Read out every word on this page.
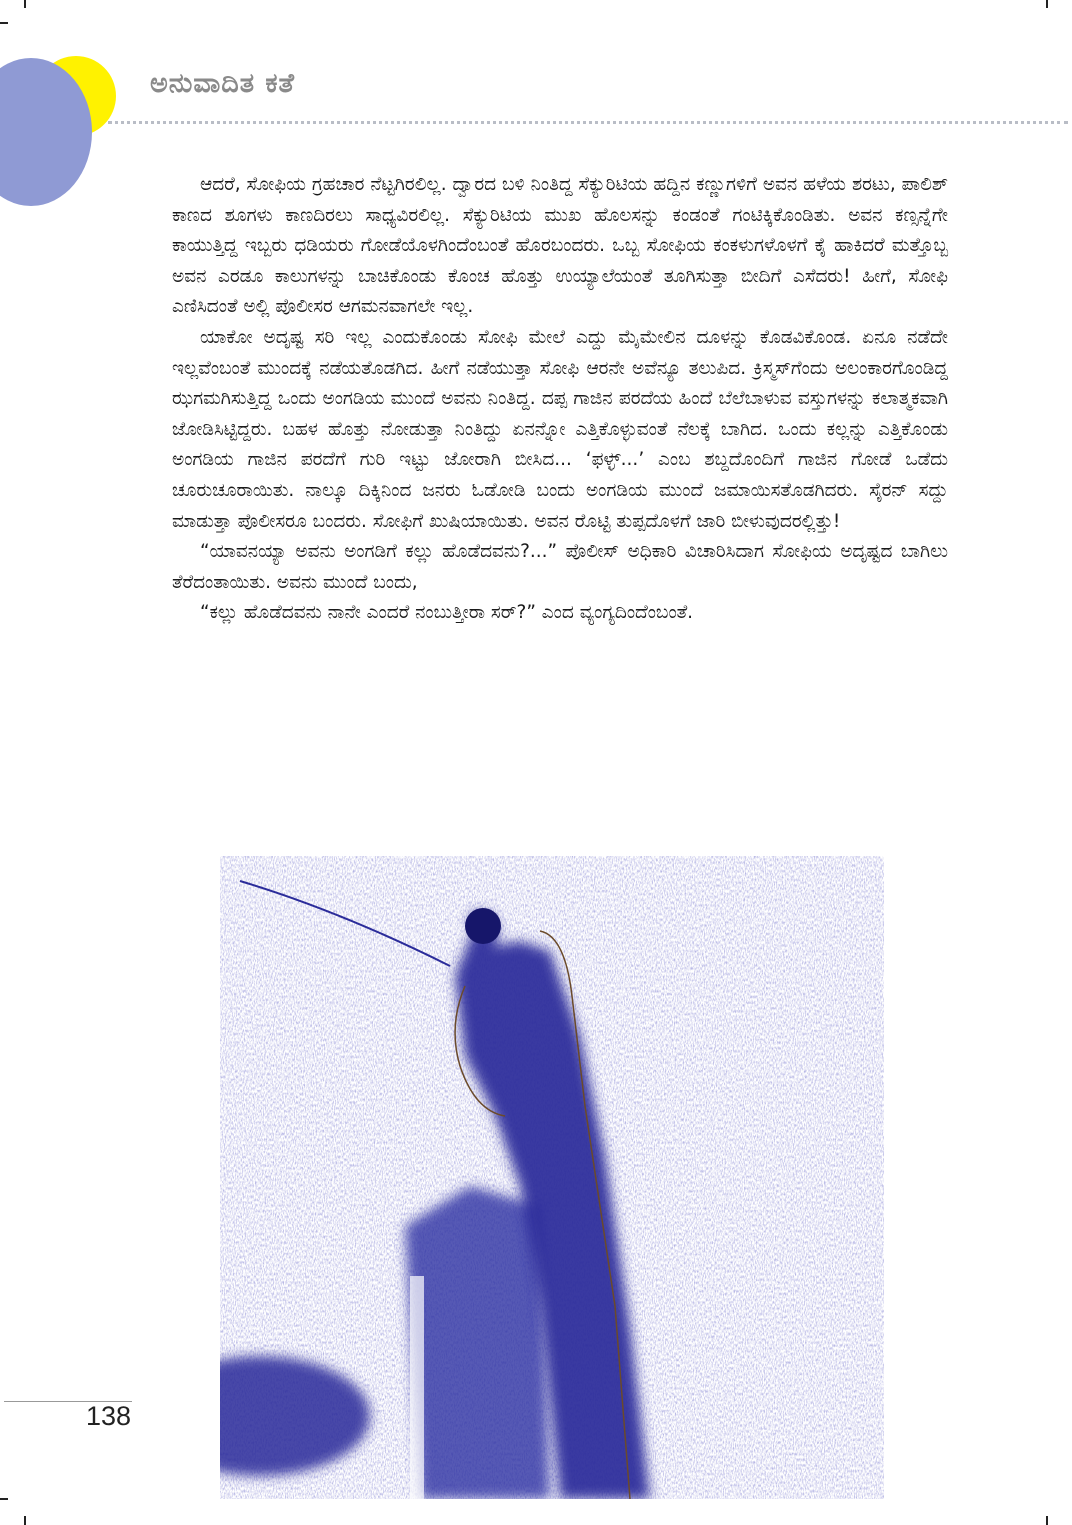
ಅನುವಾದಿತ ಕತೆ

ಆದರೆ, ಸೋಫಿಯ ಗ್ರಹಚಾರ ನೆಟ್ಟಗಿರಲಿಲ್ಲ. ದ್ವಾರದ ಬಳಿ ನಿಂತಿದ್ದ ಸೆಕ್ಯುರಿಟಿಯ ಹದ್ದಿನ ಕಣ್ಣುಗಳಿಗೆ ಅವನ ಹಳೆಯ ಶರಟು, ಪಾಲಿಶ್ ಕಾಣದ ಶೂಗಳು ಕಾಣದಿರಲು ಸಾಧ್ಯವಿರಲಿಲ್ಲ. ಸೆಕ್ಯುರಿಟಿಯ ಮುಖ ಹೊಲಸನ್ನು ಕಂಡಂತೆ ಗಂಟಿಕ್ಕಿಕೊಂಡಿತು. ಅವನ ಕಣ್ಸನ್ನೆಗೇ ಕಾಯುತ್ತಿದ್ದ ಇಬ್ಬರು ಧಡಿಯರು ಗೋಡೆಯೊಳಗಿಂದೆಂಬಂತೆ ಹೊರಬಂದರು. ಒಬ್ಬ ಸೋಫಿಯ ಕಂಕಳುಗಳೊಳಗೆ ಕೈ ಹಾಕಿದರೆ ಮತ್ತೊಬ್ಬ ಅವನ ಎರಡೂ ಕಾಲುಗಳನ್ನು ಬಾಚಿಕೊಂಡು ಕೊಂಚ ಹೊತ್ತು ಉಯ್ಯಾಲೆಯಂತೆ ತೂಗಿಸುತ್ತಾ ಬೀದಿಗೆ ಎಸೆದರು! ಹೀಗೆ, ಸೋಫಿ ಎಣಿಸಿದಂತೆ ಅಲ್ಲಿ ಪೊಲೀಸರ ಆಗಮನವಾಗಲೇ ಇಲ್ಲ.

ಯಾಕೋ ಅದೃಷ್ಟ ಸರಿ ಇಲ್ಲ ಎಂದುಕೊಂಡು ಸೋಫಿ ಮೇಲೆ ಎದ್ದು ಮೈಮೇಲಿನ ದೂಳನ್ನು ಕೊಡವಿಕೊಂಡ. ಏನೂ ನಡೆದೇ ಇಲ್ಲವೆಂಬಂತೆ ಮುಂದಕ್ಕೆ ನಡೆಯತೊಡಗಿದ. ಹೀಗೆ ನಡೆಯುತ್ತಾ ಸೋಫಿ ಆರನೇ ಅವೆನ್ಯೂ ತಲುಪಿದ. ಕ್ರಿಸ್ಮಸ್‌ಗೆಂದು ಅಲಂಕಾರಗೊಂಡಿದ್ದ ಝಗಮಗಿಸುತ್ತಿದ್ದ ಒಂದು ಅಂಗಡಿಯ ಮುಂದೆ ಅವನು ನಿಂತಿದ್ದ. ದಪ್ಪ ಗಾಜಿನ ಪರದೆಯ ಹಿಂದೆ ಬೆಲೆಬಾಳುವ ವಸ್ತುಗಳನ್ನು ಕಲಾತ್ಮಕವಾಗಿ ಜೋಡಿಸಿಟ್ಟಿದ್ದರು. ಬಹಳ ಹೊತ್ತು ನೋಡುತ್ತಾ ನಿಂತಿದ್ದು ಏನನ್ನೋ ಎತ್ತಿಕೊಳ್ಳುವಂತೆ ನೆಲಕ್ಕೆ ಬಾಗಿದ. ಒಂದು ಕಲ್ಲನ್ನು ಎತ್ತಿಕೊಂಡು ಅಂಗಡಿಯ ಗಾಜಿನ ಪರದೆಗೆ ಗುರಿ ಇಟ್ಟು ಜೋರಾಗಿ ಬೀಸಿದ... ‘ಫಳ್ಳ್...’ ಎಂಬ ಶಬ್ದದೊಂದಿಗೆ ಗಾಜಿನ ಗೋಡೆ ಒಡೆದು ಚೂರುಚೂರಾಯಿತು. ನಾಲ್ಕೂ ದಿಕ್ಕಿನಿಂದ ಜನರು ಓಡೋಡಿ ಬಂದು ಅಂಗಡಿಯ ಮುಂದೆ ಜಮಾಯಿಸತೊಡಗಿದರು. ಸೈರನ್ ಸದ್ದು ಮಾಡುತ್ತಾ ಪೊಲೀಸರೂ ಬಂದರು. ಸೋಫಿಗೆ ಖುಷಿಯಾಯಿತು. ಅವನ ರೊಟ್ಟಿ ತುಪ್ಪದೊಳಗೆ ಜಾರಿ ಬೀಳುವುದರಲ್ಲಿತ್ತು!

“ಯಾವನಯ್ಯಾ ಅವನು ಅಂಗಡಿಗೆ ಕಲ್ಲು ಹೊಡೆದವನು?...” ಪೊಲೀಸ್ ಅಧಿಕಾರಿ ವಿಚಾರಿಸಿದಾಗ ಸೋಫಿಯ ಅದೃಷ್ಟದ ಬಾಗಿಲು ತೆರೆದಂತಾಯಿತು. ಅವನು ಮುಂದೆ ಬಂದು,

“ಕಲ್ಲು ಹೊಡೆದವನು ನಾನೇ ಎಂದರೆ ನಂಬುತ್ತೀರಾ ಸರ್?” ಎಂದ ವ್ಯಂಗ್ಯದಿಂದೆಂಬಂತೆ.

138
